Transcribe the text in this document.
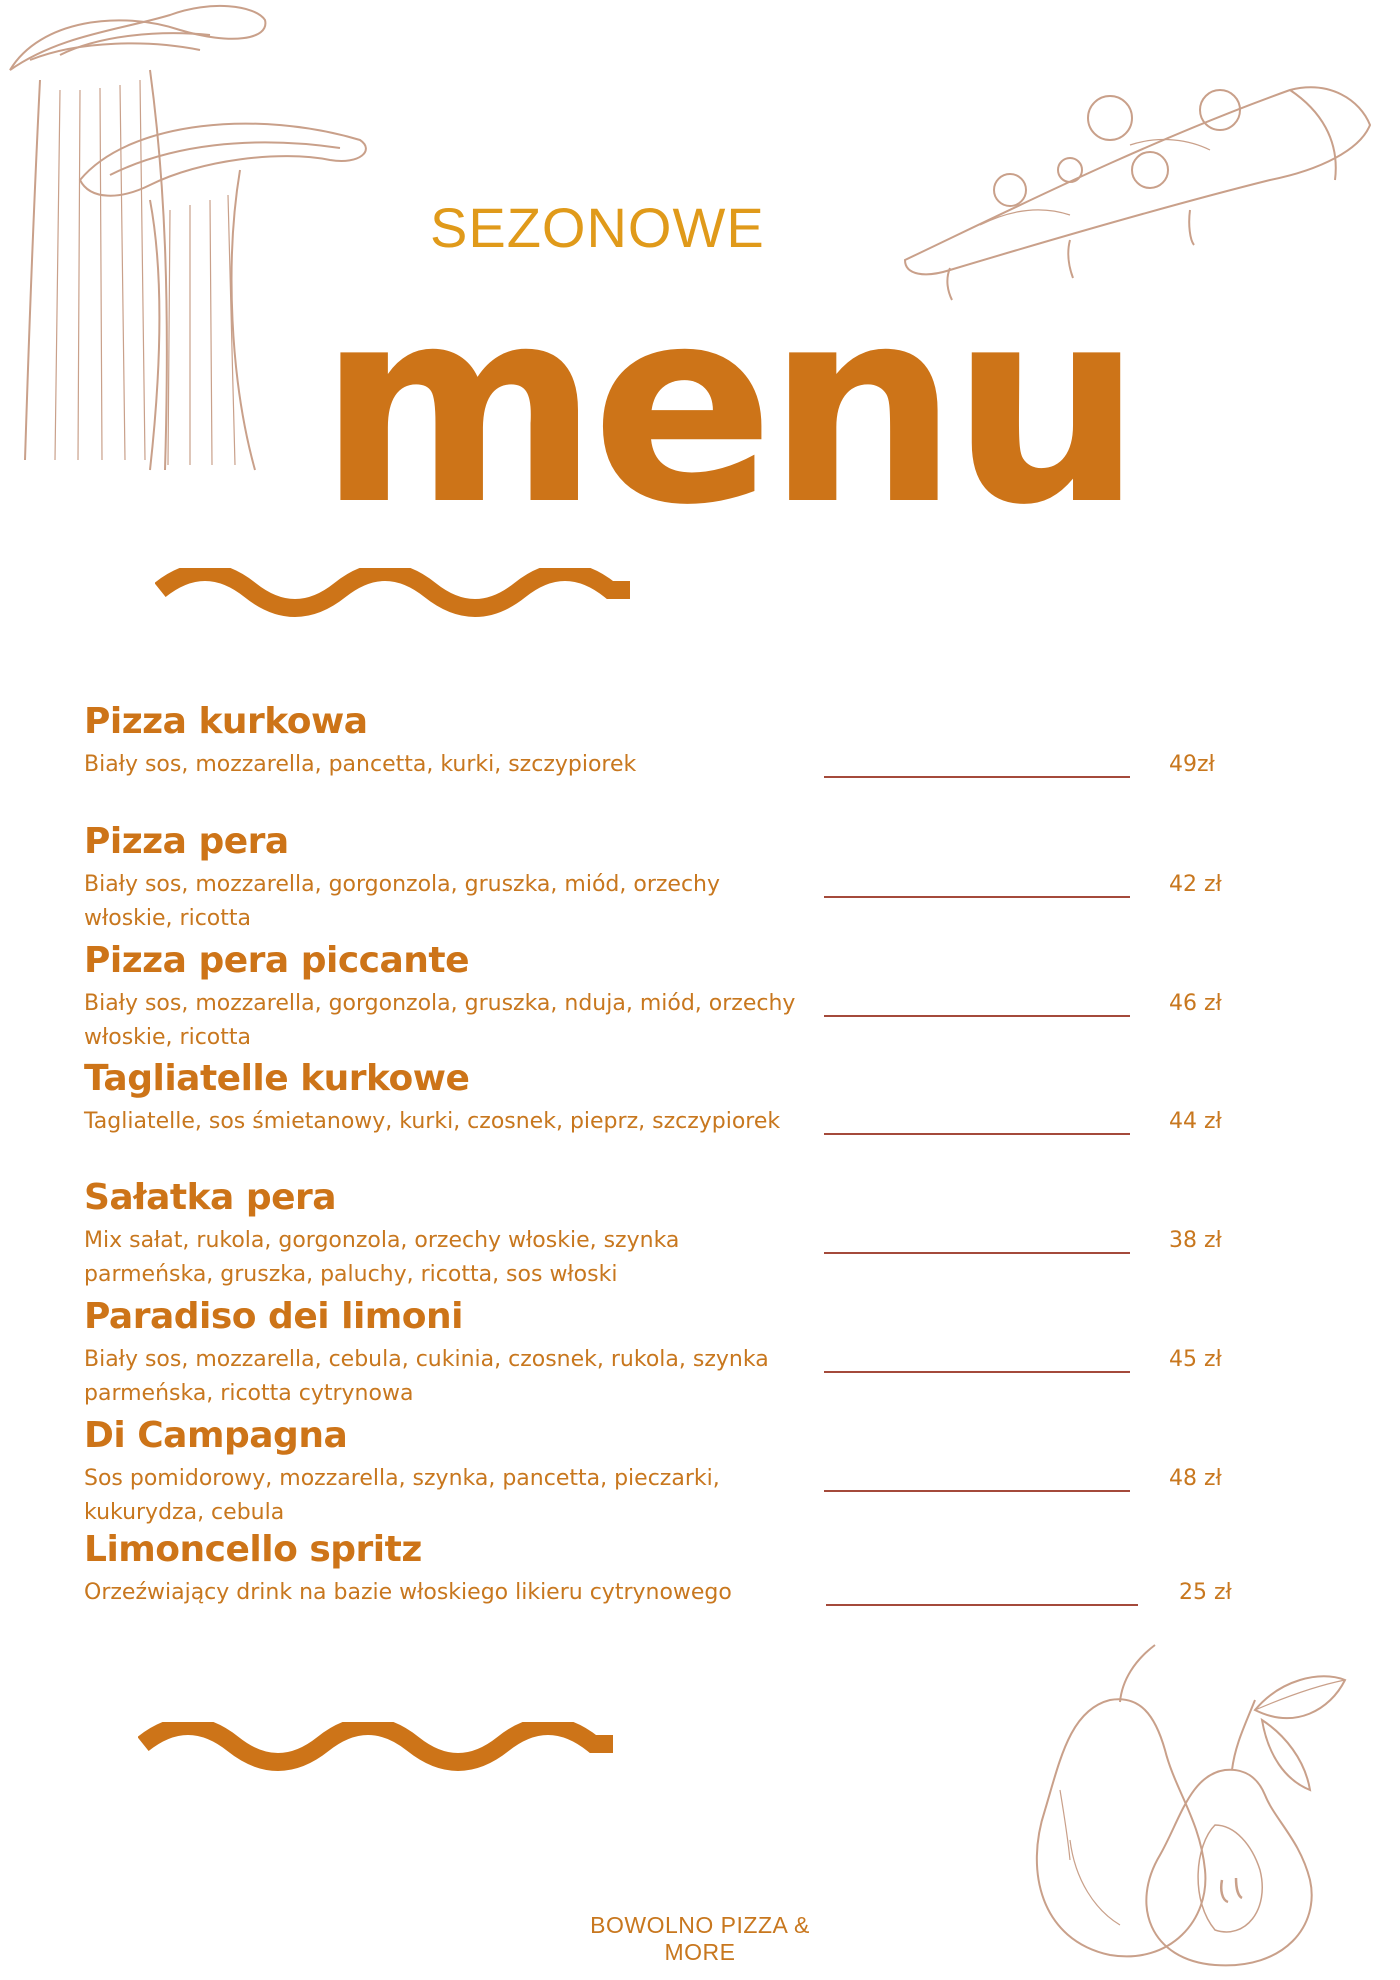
SEZONOWE
menu
Pizza kurkowa
Biały sos, mozzarella, pancetta, kurki, szczypiorek	49zł
Pizza pera
Biały sos, mozzarella, gorgonzola, gruszka, miód, orzechy włoskie, ricotta
42 zł
Pizza pera piccante
Biały sos, mozzarella, gorgonzola, gruszka, nduja, miód, orzechy włoskie, ricotta
46 zł
Tagliatelle kurkowe
Tagliatelle, sos śmietanowy, kurki, czosnek, pieprz, szczypiorek	44 zł
Sałatka pera
Mix sałat, rukola, gorgonzola, orzechy włoskie, szynka parmeńska, gruszka, paluchy, ricotta, sos włoski
38 zł
Paradiso dei limoni
Biały sos, mozzarella, cebula, cukinia, czosnek, rukola, szynka parmeńska, ricotta cytrynowa
45 zł
Di Campagna
Sos pomidorowy, mozzarella, szynka, pancetta, pieczarki, kukurydza, cebula
48 zł
Limoncello spritz
Orzeźwiający drink na bazie włoskiego likieru cytrynowego	25 zł
BOWOLNO PIZZA & MORE
